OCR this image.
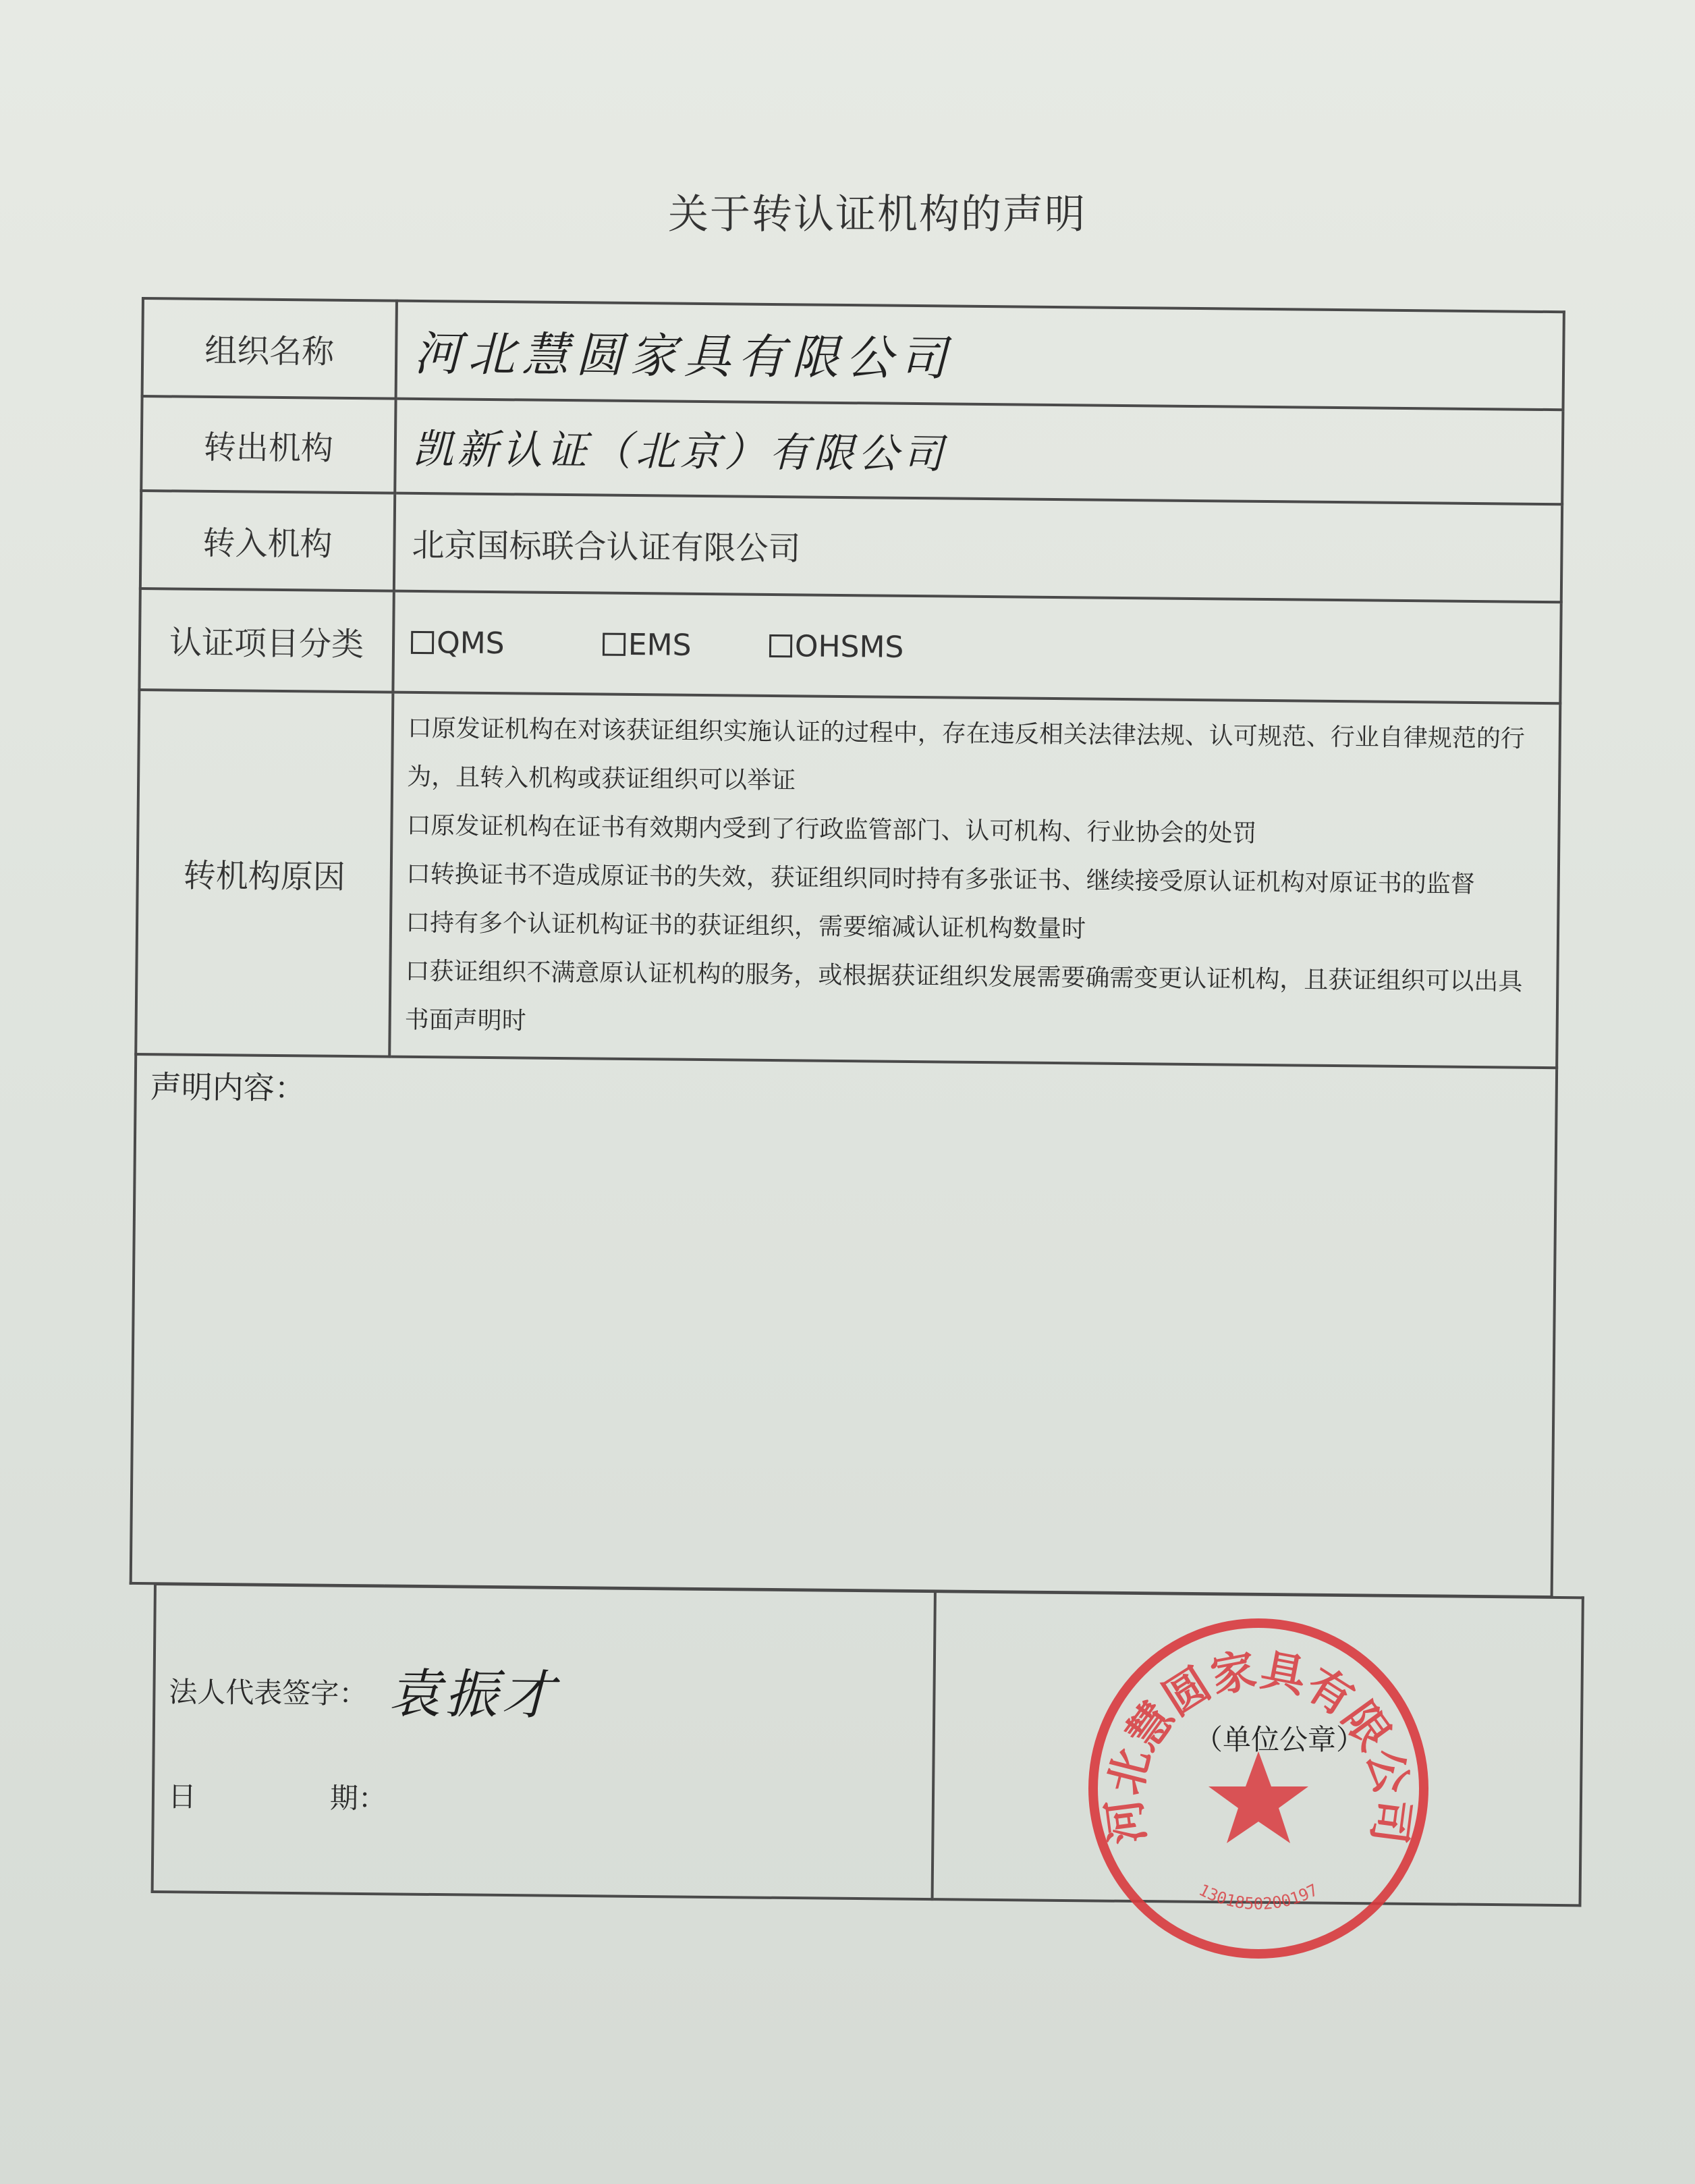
关于转认证机构的声明
组织名称	河北慧圆家具有限公司
转出机构	凯新认证（北京）有限公司
转入机构	北京国标联合认证有限公司
认证项目分类	QMS EMS OHSMS
转机构原因	口原发证机构在对该获证组织实施认证的过程中，存在违反相关法律法规、认可规范、行业自律规范的行为，且转入机构或获证组织可以举证
口原发证机构在证书有效期内受到了行政监管部门、认可机构、行业协会的处罚
口转换证书不造成原证书的失效，获证组织同时持有多张证书、继续接受原认证机构对原证书的监督
口持有多个认证机构证书的获证组织，需要缩减认证机构数量时
口获证组织不满意原认证机构的服务，或根据获证组织发展需要确需变更认证机构，且获证组织可以出具书面声明时

声明内容：	
法人代表签字： 袁振才
日	期：
		河北慧圆家具有限公司
1301850200197
（单位公章）
